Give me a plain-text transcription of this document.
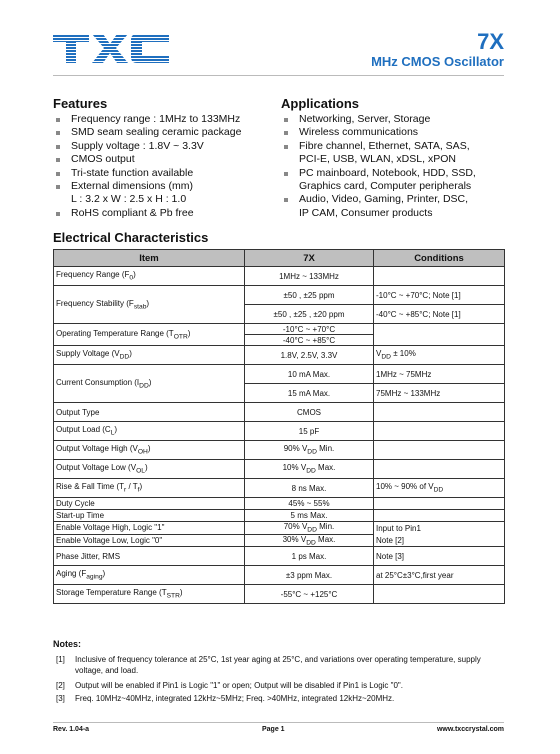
7X
MHz CMOS Oscillator
Features
Frequency range : 1MHz to 133MHz
SMD seam sealing ceramic package
Supply voltage : 1.8V ~ 3.3V
CMOS output
Tri-state function available
External dimensions (mm)
L : 3.2 x W : 2.5 x H : 1.0
RoHS compliant & Pb free
Applications
Networking, Server, Storage
Wireless communications
Fibre channel, Ethernet, SATA, SAS,
PCI-E, USB, WLAN, xDSL, xPON
PC mainboard, Notebook, HDD, SSD,
Graphics card, Computer peripherals
Audio, Video, Gaming, Printer, DSC,
IP CAM, Consumer products
Electrical Characteristics
Item	7X	Conditions
Frequency Range $(F_0)$	1MHz ~ 133MHz	
Frequency Stability $(F_{stab})$	±50 , ±25 ppm	-10°C ~ +70°C; Note [1]
	±50 , ±25 , ±20 ppm	-40°C ~ +85°C; Note [1]
Operating Temperature Range $(T_{OTR})$	-10°C ~ +70°C	
	-40°C ~ +85°C	
Supply Voltage $(V_{DD})$	1.8V, 2.5V, 3.3V	$V_{DD} \pm 10\%$
Current Consumption $(I_{DD})$	10 mA Max.	1MHz ~ 75MHz
	15 mA Max.	75MHz ~ 133MHz
Output Type	CMOS	
Output Load $(C_L)$	15 pF	
Output Voltage High $(V_{OH})$	90% $V_{DD}$ Min.	
Output Voltage Low $(V_{OL})$	10% $V_{DD}$ Max.	
Rise & Fall Time $(T_r / T_f)$	8 ns Max.	10% ~ 90% of $V_{DD}$
Duty Cycle	45% ~ 55%	
Start-up Time	5 ms Max.	
Enable Voltage High, Logic "1"	70% $V_{DD}$ Min.	Input to Pin1
Enable Voltage Low, Logic "0"	30% $V_{DD}$ Max.	Note [2]
Phase Jitter, RMS	1 ps Max.	Note [3]
Aging $(F_{aging})$	±3 ppm Max.	at 25°C±3°C,first year
Storage Temperature Range $(T_{STR})$	-55°C ~ +125°C	
Notes:
[1] Inclusive of frequency tolerance at 25°C, 1st year aging at 25°C, and variations over operating temperature, supply voltage, and load.
[2] Output will be enabled if Pin1 is Logic "1" or open; Output will be disabled if Pin1 is Logic "0".
[3] Freq. 10MHz~40MHz, integrated 12kHz~5MHz; Freq. >40MHz, integrated 12kHz~20MHz.
Rev. 1.04-a	Page 1	www.txccrystal.com
